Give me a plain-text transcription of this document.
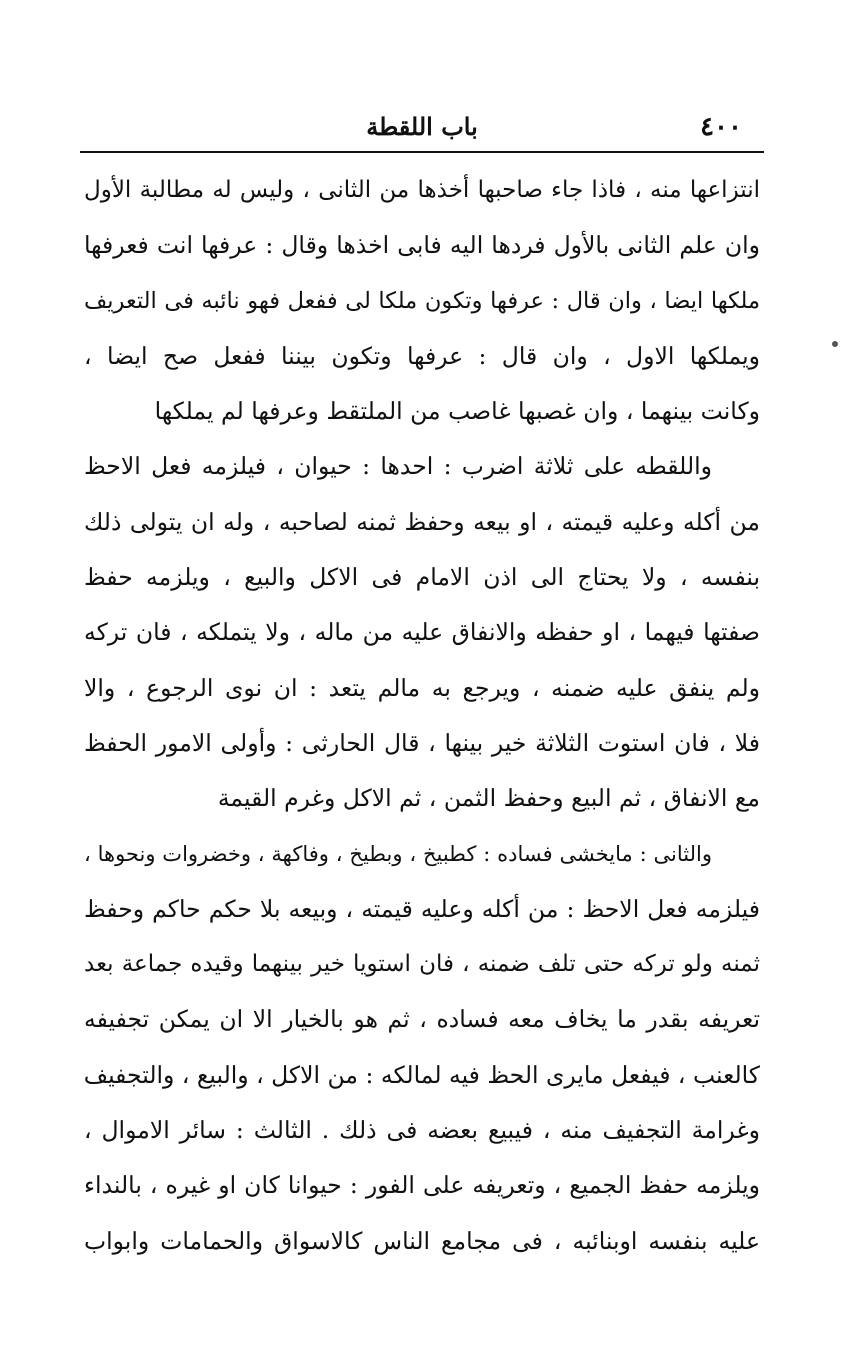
٤٠٠
باب اللقطة
انتزاعها منه ، فاذا جاء صاحبها أخذها من الثانى ، وليس له مطالبة الأول
وان علم الثانى بالأول فردها اليه فابى اخذها وقال : عرفها انت فعرفها
ملكها ايضا ، وان قال : عرفها وتكون ملكا لى ففعل فهو نائبه فى التعريف
ويملكها الاول ، وان قال : عرفها وتكون بيننا ففعل صح ايضا ،
وكانت بينهما ، وان غصبها غاصب من الملتقط وعرفها لم يملكها
واللقطه على ثلاثة اضرب : احدها : حيوان ، فيلزمه فعل الاحظ
من أكله وعليه قيمته ، او بيعه وحفظ ثمنه لصاحبه ، وله ان يتولى ذلك
بنفسه ، ولا يحتاج الى اذن الامام فى الاكل والبيع ، ويلزمه حفظ
صفتها فيهما ، او حفظه والانفاق عليه من ماله ، ولا يتملكه ، فان تركه
ولم ينفق عليه ضمنه ، ويرجع به مالم يتعد : ان نوى الرجوع ، والا
فلا ، فان استوت الثلاثة خير بينها ، قال الحارثى : وأولى الامور الحفظ
مع الانفاق ، ثم البيع وحفظ الثمن ، ثم الاكل وغرم القيمة
والثانى : مايخشى فساده : كطبيخ ، وبطيخ ، وفاكهة ، وخضروات ونحوها ،
فيلزمه فعل الاحظ : من أكله وعليه قيمته ، وبيعه بلا حكم حاكم وحفظ
ثمنه ولو تركه حتى تلف ضمنه ، فان استويا خير بينهما وقيده جماعة بعد
تعريفه بقدر ما يخاف معه فساده ، ثم هو بالخيار الا ان يمكن تجفيفه
كالعنب ، فيفعل مايرى الحظ فيه لمالكه : من الاكل ، والبيع ، والتجفيف
وغرامة التجفيف منه ، فيبيع بعضه فى ذلك . الثالث : سائر الاموال ،
ويلزمه حفظ الجميع ، وتعريفه على الفور : حيوانا كان او غيره ، بالنداء
عليه بنفسه اوبنائبه ، فى مجامع الناس كالاسواق والحمامات وابواب
